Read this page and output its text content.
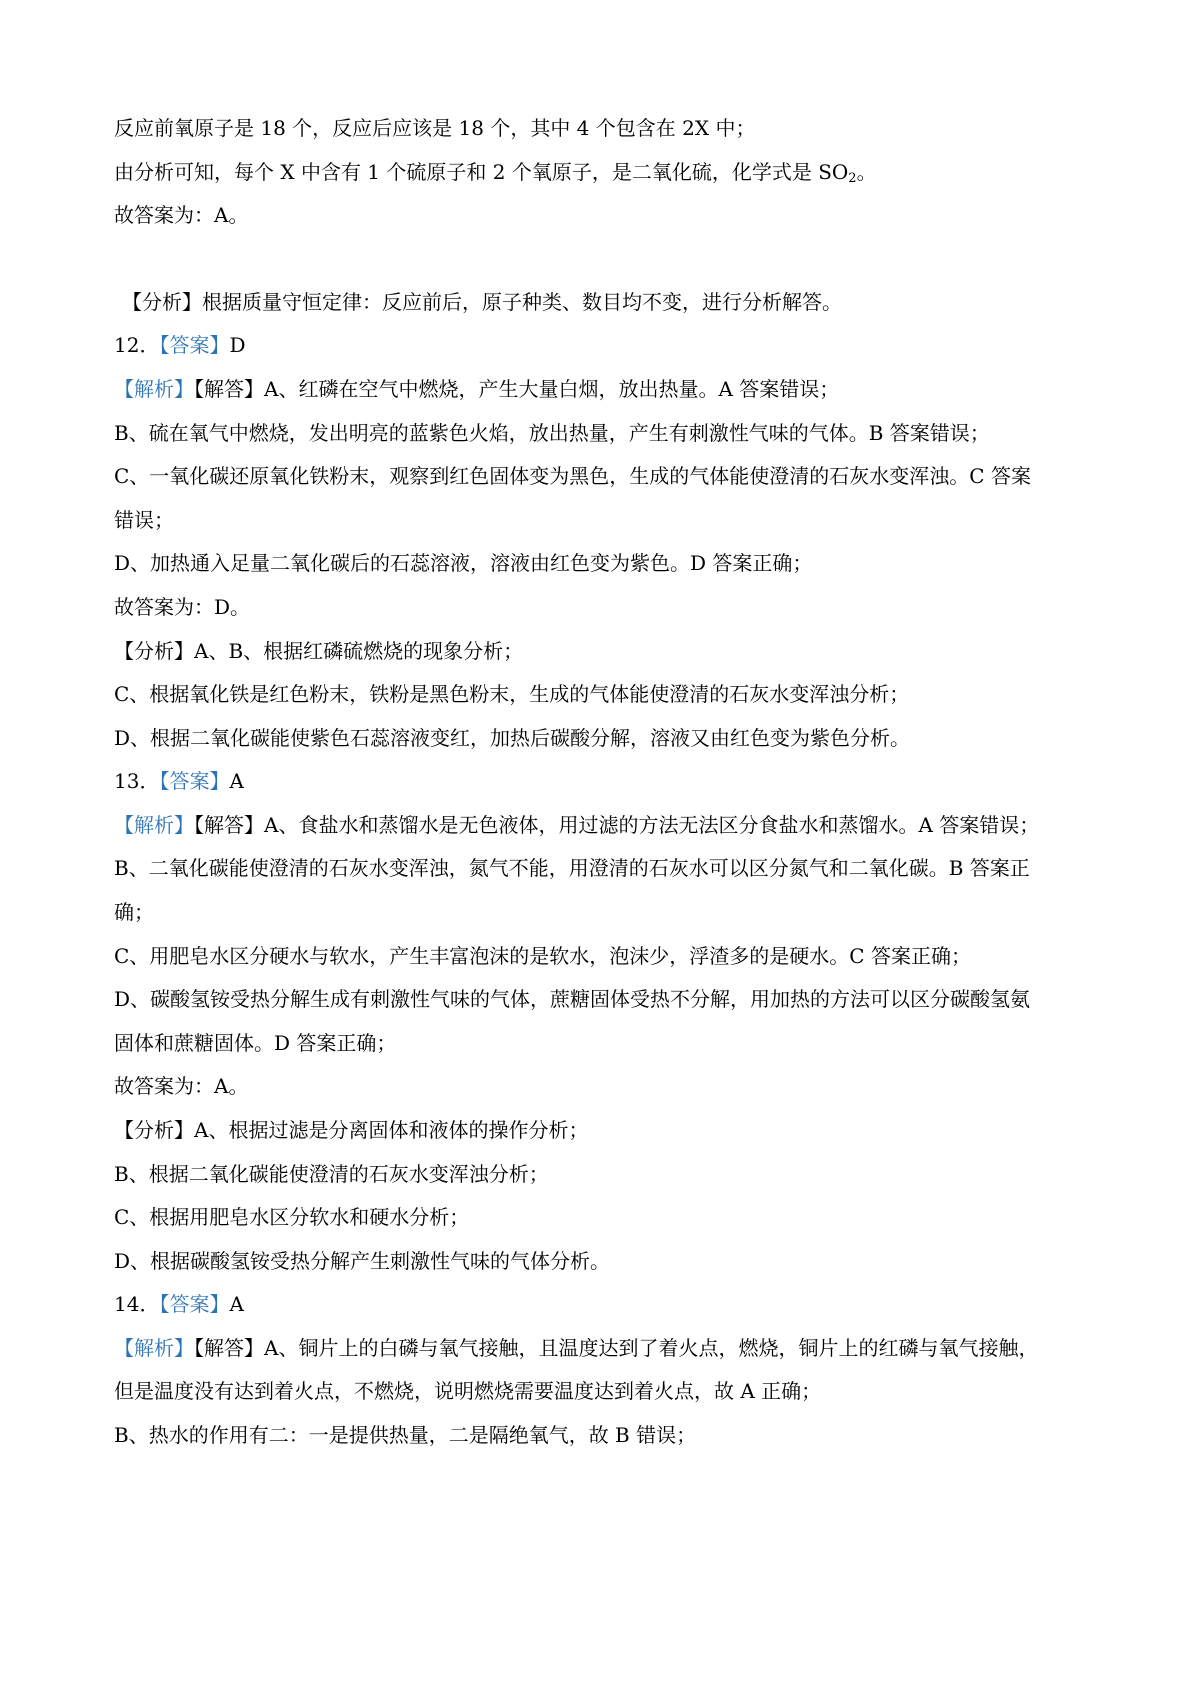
反应前氧原子是 18 个，反应后应该是 18 个，其中 4 个包含在 2X 中；
由分析可知，每个 X 中含有 1 个硫原子和 2 个氧原子，是二氧化硫，化学式是 $SO_2$。
故答案为：A。
【分析】根据质量守恒定律：反应前后，原子种类、数目均不变，进行分析解答。
12．【答案】D
【解析】【解答】A、红磷在空气中燃烧，产生大量白烟，放出热量。A 答案错误；
B、硫在氧气中燃烧，发出明亮的蓝紫色火焰，放出热量，产生有刺激性气味的气体。B 答案错误；
C、一氧化碳还原氧化铁粉末，观察到红色固体变为黑色，生成的气体能使澄清的石灰水变浑浊。C 答案
错误；
D、加热通入足量二氧化碳后的石蕊溶液，溶液由红色变为紫色。D 答案正确；
故答案为：D。
【分析】A、B、根据红磷硫燃烧的现象分析；
C、根据氧化铁是红色粉末，铁粉是黑色粉末，生成的气体能使澄清的石灰水变浑浊分析；
D、根据二氧化碳能使紫色石蕊溶液变红，加热后碳酸分解，溶液又由红色变为紫色分析。
13．【答案】A
【解析】【解答】A、食盐水和蒸馏水是无色液体，用过滤的方法无法区分食盐水和蒸馏水。A 答案错误；
B、二氧化碳能使澄清的石灰水变浑浊，氮气不能，用澄清的石灰水可以区分氮气和二氧化碳。B 答案正
确；
C、用肥皂水区分硬水与软水，产生丰富泡沫的是软水，泡沫少，浮渣多的是硬水。C 答案正确；
D、碳酸氢铵受热分解生成有刺激性气味的气体，蔗糖固体受热不分解，用加热的方法可以区分碳酸氢氨
固体和蔗糖固体。D 答案正确；
故答案为：A。
【分析】A、根据过滤是分离固体和液体的操作分析；
B、根据二氧化碳能使澄清的石灰水变浑浊分析；
C、根据用肥皂水区分软水和硬水分析；
D、根据碳酸氢铵受热分解产生刺激性气味的气体分析。
14．【答案】A
【解析】【解答】A、铜片上的白磷与氧气接触，且温度达到了着火点，燃烧，铜片上的红磷与氧气接触，
但是温度没有达到着火点，不燃烧，说明燃烧需要温度达到着火点，故 A 正确；
B、热水的作用有二：一是提供热量，二是隔绝氧气，故 B 错误；
